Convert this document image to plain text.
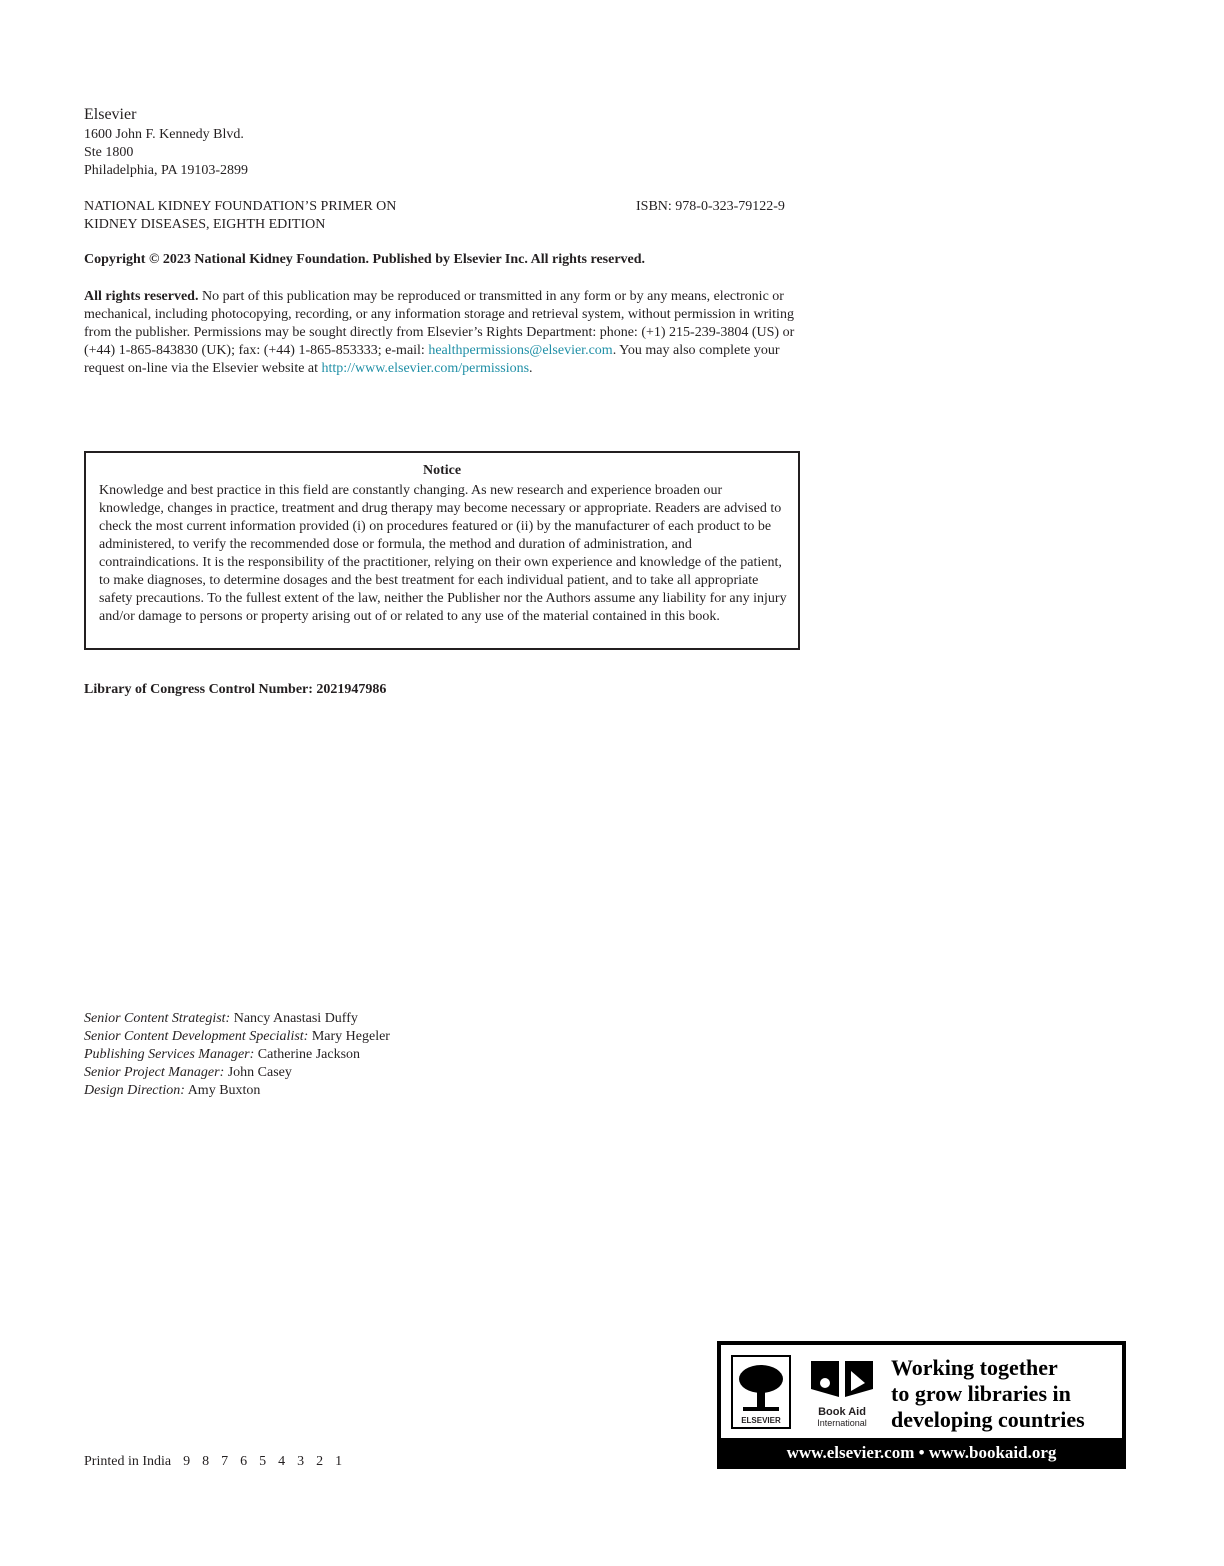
Elsevier
1600 John F. Kennedy Blvd.
Ste 1800
Philadelphia, PA 19103-2899
NATIONAL KIDNEY FOUNDATION’S PRIMER ON
KIDNEY DISEASES, EIGHTH EDITION
ISBN: 978-0-323-79122-9
Copyright © 2023 National Kidney Foundation. Published by Elsevier Inc. All rights reserved.
All rights reserved. No part of this publication may be reproduced or transmitted in any form or by any means, electronic or mechanical, including photocopying, recording, or any information storage and retrieval system, without permission in writing from the publisher. Permissions may be sought directly from Elsevier’s Rights Department: phone: (+1) 215-239-3804 (US) or (+44) 1-865-843830 (UK); fax: (+44) 1-865-853333; e-mail: healthpermissions@elsevier.com. You may also complete your request on-line via the Elsevier website at http://www.elsevier.com/permissions.
Notice
Knowledge and best practice in this field are constantly changing. As new research and experience broaden our knowledge, changes in practice, treatment and drug therapy may become necessary or appropriate. Readers are advised to check the most current information provided (i) on procedures featured or (ii) by the manufacturer of each product to be administered, to verify the recommended dose or formula, the method and duration of administration, and contraindications. It is the responsibility of the practitioner, relying on their own experience and knowledge of the patient, to make diagnoses, to determine dosages and the best treatment for each individual patient, and to take all appropriate safety precautions. To the fullest extent of the law, neither the Publisher nor the Authors assume any liability for any injury and/or damage to persons or property arising out of or related to any use of the material contained in this book.
Library of Congress Control Number: 2021947986
Senior Content Strategist: Nancy Anastasi Duffy
Senior Content Development Specialist: Mary Hegeler
Publishing Services Manager: Catherine Jackson
Senior Project Manager: John Casey
Design Direction: Amy Buxton
Printed in India 9 8 7 6 5 4 3 2 1
ELSEVIER
Book Aid
International
Working together
to grow libraries in
developing countries
www.elsevier.com • www.bookaid.org
